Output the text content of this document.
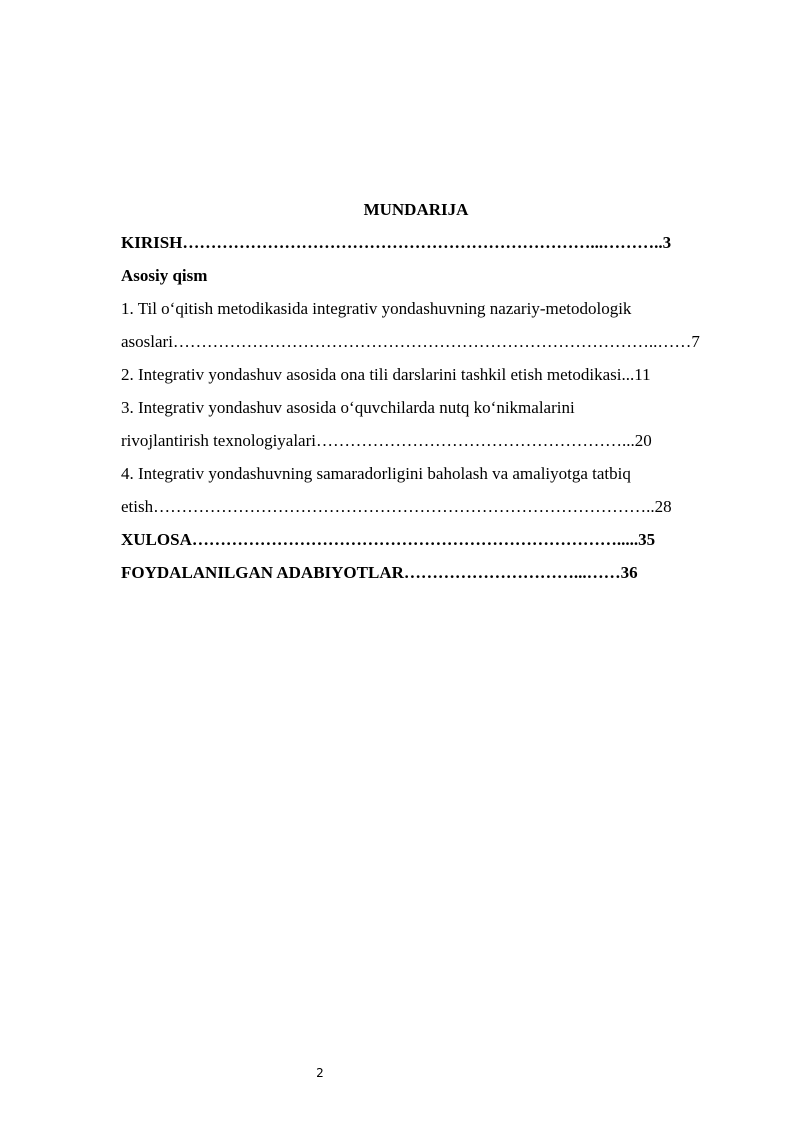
MUNDARIJA
KIRISH………………………………………………………………...………..3
Asosiy qism
1. Til o‘qitish metodikasida integrativ yondashuvning nazariy-metodologik
asoslari…………………………………………………………………………..……7
2. Integrativ yondashuv asosida ona tili darslarini tashkil etish metodikasi...11
3. Integrativ yondashuv asosida o‘quvchilarda nutq ko‘nikmalarini
rivojlantirish texnologiyalari………………………………………………...20
4. Integrativ yondashuvning samaradorligini baholash va amaliyotga tatbiq
etish……………………………………………………………………………..28
XULOSA………………………………………………………………….....35
FOYDALANILGAN ADABIYOTLAR…………………………...……36
2
